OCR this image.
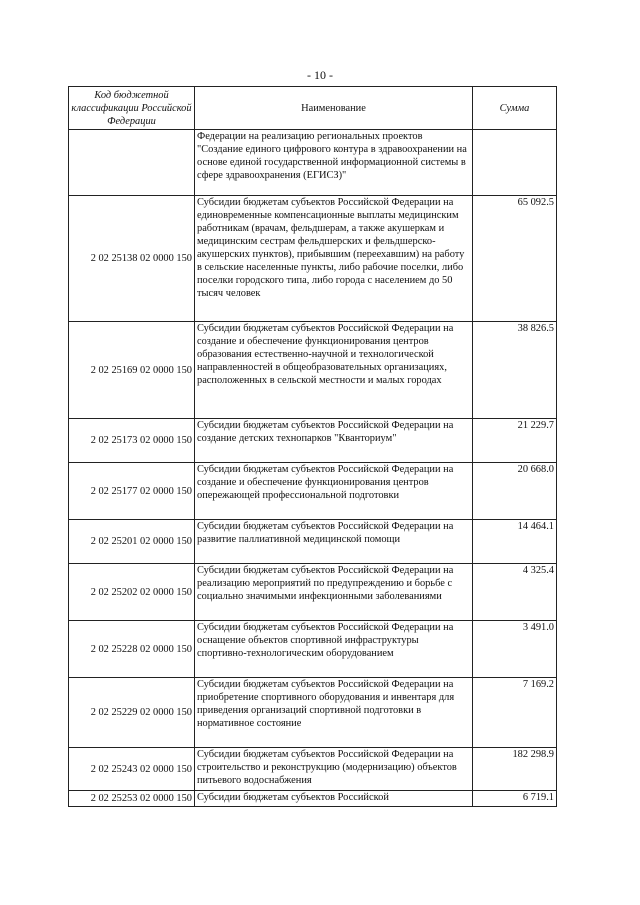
- 10 -
Код бюджетной классификации Российской Федерации	Наименование	Сумма
	Федерации на реализацию региональных проектов "Создание единого цифрового контура в здравоохранении на основе единой государственной информационной системы в сфере здравоохранения (ЕГИСЗ)"	
2 02 25138 02 0000 150	Субсидии бюджетам субъектов Российской Федерации на единовременные компенсационные выплаты медицинским работникам (врачам, фельдшерам, а также акушеркам и медицинским сестрам фельдшерских и фельдшерско-акушерских пунктов), прибывшим (переехавшим) на работу в сельские населенные пункты, либо рабочие поселки, либо поселки городского типа, либо города с населением до 50 тысяч человек	65 092.5
2 02 25169 02 0000 150	Субсидии бюджетам субъектов Российской Федерации на создание и обеспечение функционирования центров образования естественно-научной и технологической направленностей в общеобразовательных организациях, расположенных в сельской местности и малых городах	38 826.5
2 02 25173 02 0000 150	Субсидии бюджетам субъектов Российской Федерации на создание детских технопарков "Кванториум"	21 229.7
2 02 25177 02 0000 150	Субсидии бюджетам субъектов Российской Федерации на создание и обеспечение функционирования центров опережающей профессиональной подготовки	20 668.0
2 02 25201 02 0000 150	Субсидии бюджетам субъектов Российской Федерации на развитие паллиативной медицинской помощи	14 464.1
2 02 25202 02 0000 150	Субсидии бюджетам субъектов Российской Федерации на реализацию мероприятий по предупреждению и борьбе с социально значимыми инфекционными заболеваниями	4 325.4
2 02 25228 02 0000 150	Субсидии бюджетам субъектов Российской Федерации на оснащение объектов спортивной инфраструктуры спортивно-технологическим оборудованием	3 491.0
2 02 25229 02 0000 150	Субсидии бюджетам субъектов Российской Федерации на приобретение спортивного оборудования и инвентаря для приведения организаций спортивной подготовки в нормативное состояние	7 169.2
2 02 25243 02 0000 150	Субсидии бюджетам субъектов Российской Федерации на строительство и реконструкцию (модернизацию) объектов питьевого водоснабжения	182 298.9
2 02 25253 02 0000 150	Субсидии бюджетам субъектов Российской	6 719.1
